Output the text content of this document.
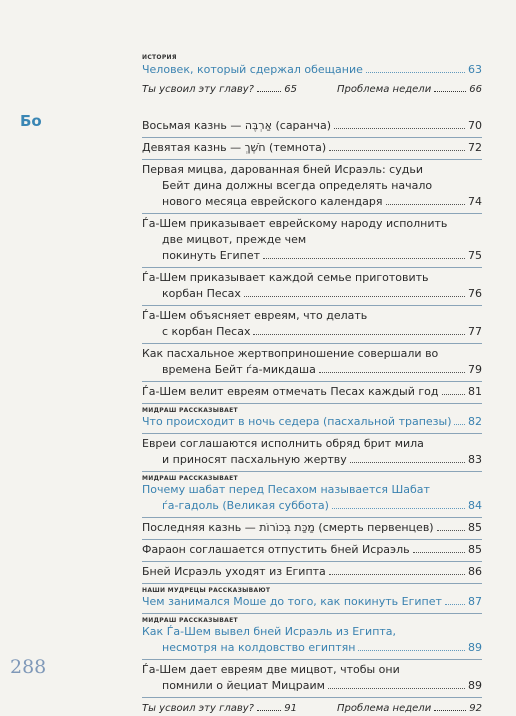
Бо
288
ИСТОРИЯ
Человек, который сдержал обещание	63
Ты усвоил эту главу?	65	Проблема недели	66
Восьмая казнь — אַרְבֶּה (саранча)	70
Девятая казнь — חֹשֶׁךְ (темнота)	72
Первая мицва, дарованная бней Исраэль: судьи
Бейт дина должны всегда определять начало
нового месяца еврейского календаря	74
Ѓа-Шем приказывает еврейскому народу исполнить
две мицвот, прежде чем
покинуть Египет	75
Ѓа-Шем приказывает каждой семье приготовить
корбан Песах	76
Ѓа-Шем объясняет евреям, что делать
с корбан Песах	77
Как пасхальное жертвоприношение совершали во
времена Бейт ѓа-микдаша	79
Ѓа-Шем велит евреям отмечать Песах каждый год	81
МИДРАШ РАССКАЗЫВАЕТ
Что происходит в ночь седера (пасхальной трапезы) 82
Евреи соглашаются исполнить обряд брит мила
и приносят пасхальную жертву	83
МИДРАШ РАССКАЗЫВАЕТ
Почему шабат перед Песахом называется Шабат
ѓа-гадоль (Великая суббота)	84
Последняя казнь — מַכַּת בְּכוֹרוֹת (смерть первенцев)	85
Фараон соглашается отпустить бней Исраэль	85
Бней Исраэль уходят из Египта	86
НАШИ МУДРЕЦЫ РАССКАЗЫВАЮТ
Чем занимался Моше до того, как покинуть Египет 87
МИДРАШ РАССКАЗЫВАЕТ
Как Ѓа-Шем вывел бней Исраэль из Египта,
несмотря на колдовство египтян	89
Ѓа-Шем дает евреям две мицвот, чтобы они
помнили о йециат Мицраим	89
Ты усвоил эту главу?	91	Проблема недели	92
